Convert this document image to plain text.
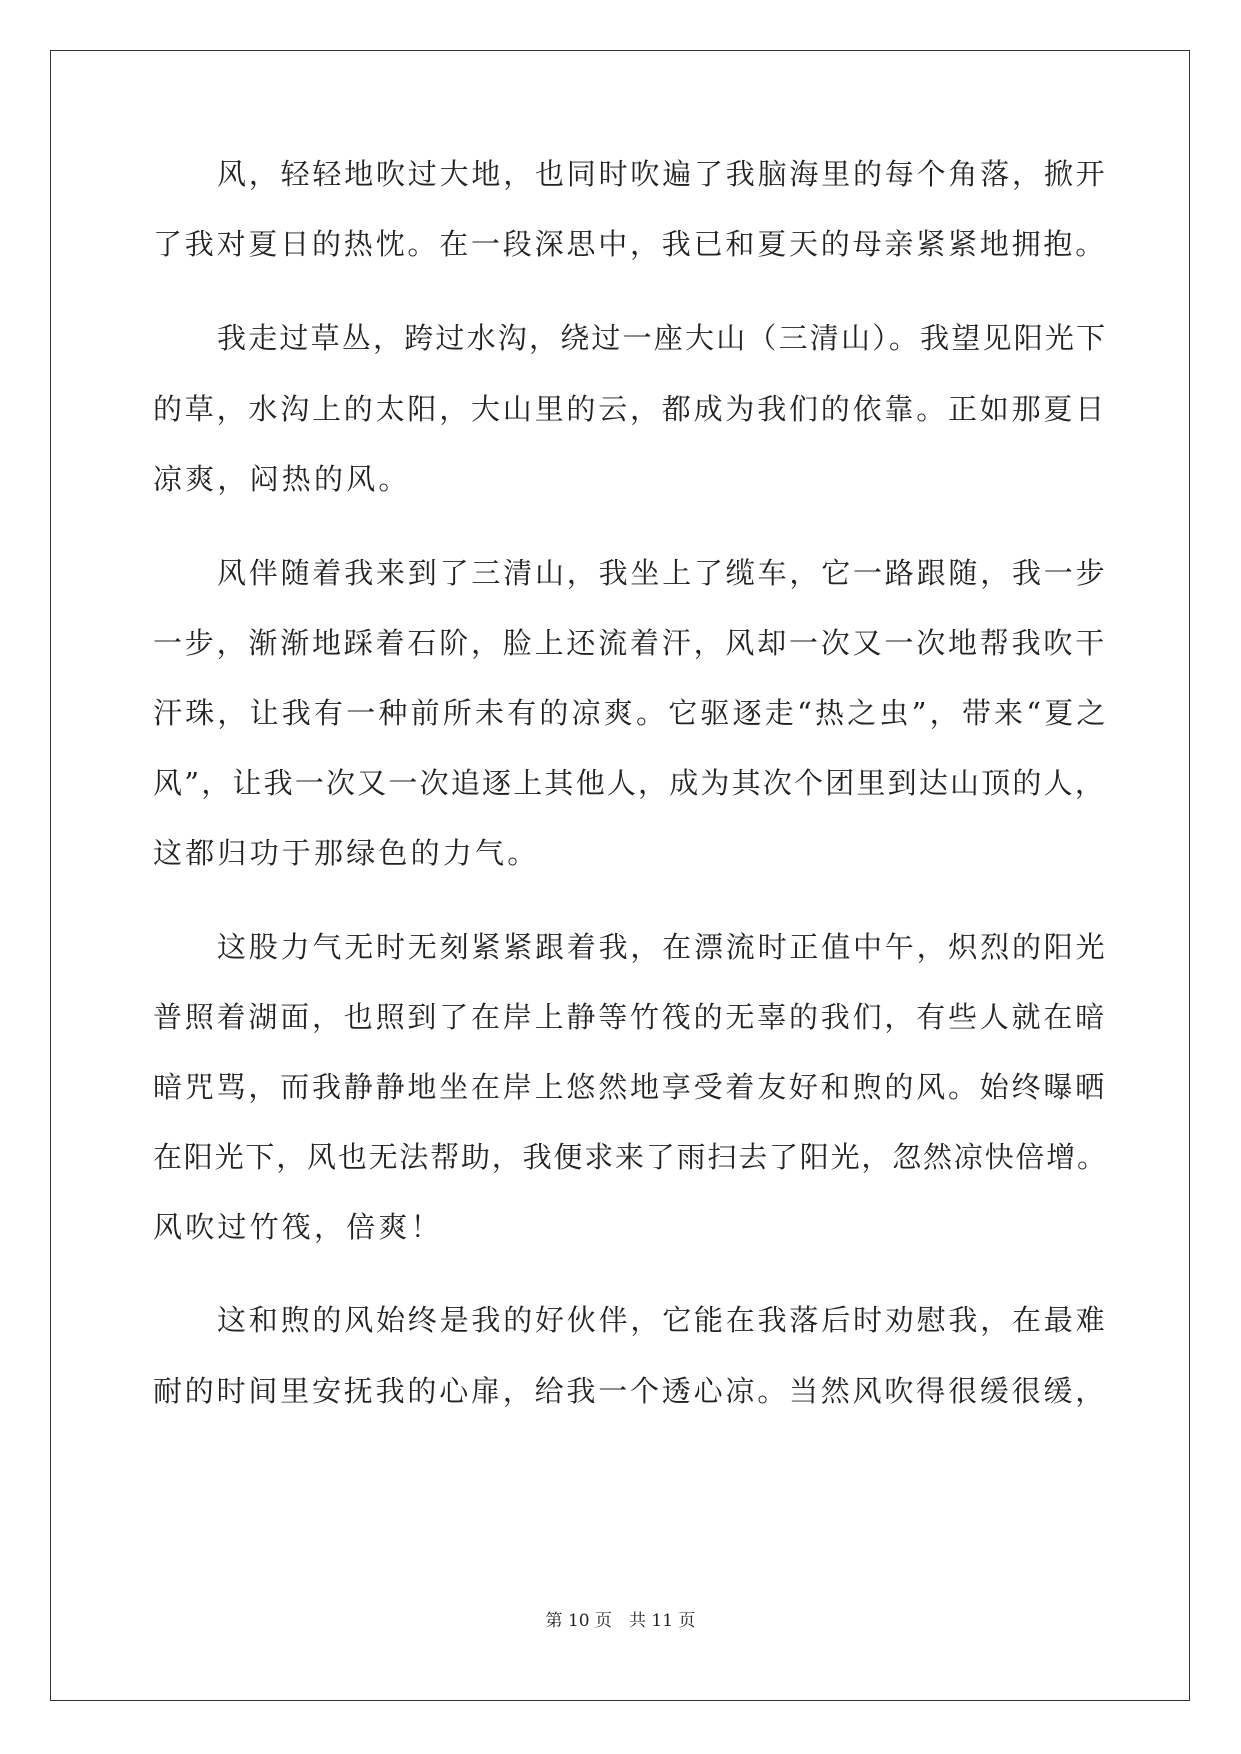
风，轻轻地吹过大地，也同时吹遍了我脑海里的每个角落，掀开
了我对夏日的热忱。在一段深思中，我已和夏天的母亲紧紧地拥抱。
我走过草丛，跨过水沟，绕过一座大山（三清山）。我望见阳光下
的草，水沟上的太阳，大山里的云，都成为我们的依靠。正如那夏日
凉爽，闷热的风。
风伴随着我来到了三清山，我坐上了缆车，它一路跟随，我一步
一步，渐渐地踩着石阶，脸上还流着汗，风却一次又一次地帮我吹干
汗珠，让我有一种前所未有的凉爽。它驱逐走“热之虫”，带来“夏之
风”，让我一次又一次追逐上其他人，成为其次个团里到达山顶的人，
这都归功于那绿色的力气。
这股力气无时无刻紧紧跟着我，在漂流时正值中午，炽烈的阳光
普照着湖面，也照到了在岸上静等竹筏的无辜的我们，有些人就在暗
暗咒骂，而我静静地坐在岸上悠然地享受着友好和煦的风。始终曝晒
在阳光下，风也无法帮助，我便求来了雨扫去了阳光，忽然凉快倍增。
风吹过竹筏，倍爽！
这和煦的风始终是我的好伙伴，它能在我落后时劝慰我，在最难
耐的时间里安抚我的心扉，给我一个透心凉。当然风吹得很缓很缓，
第 10 页　共 11 页
